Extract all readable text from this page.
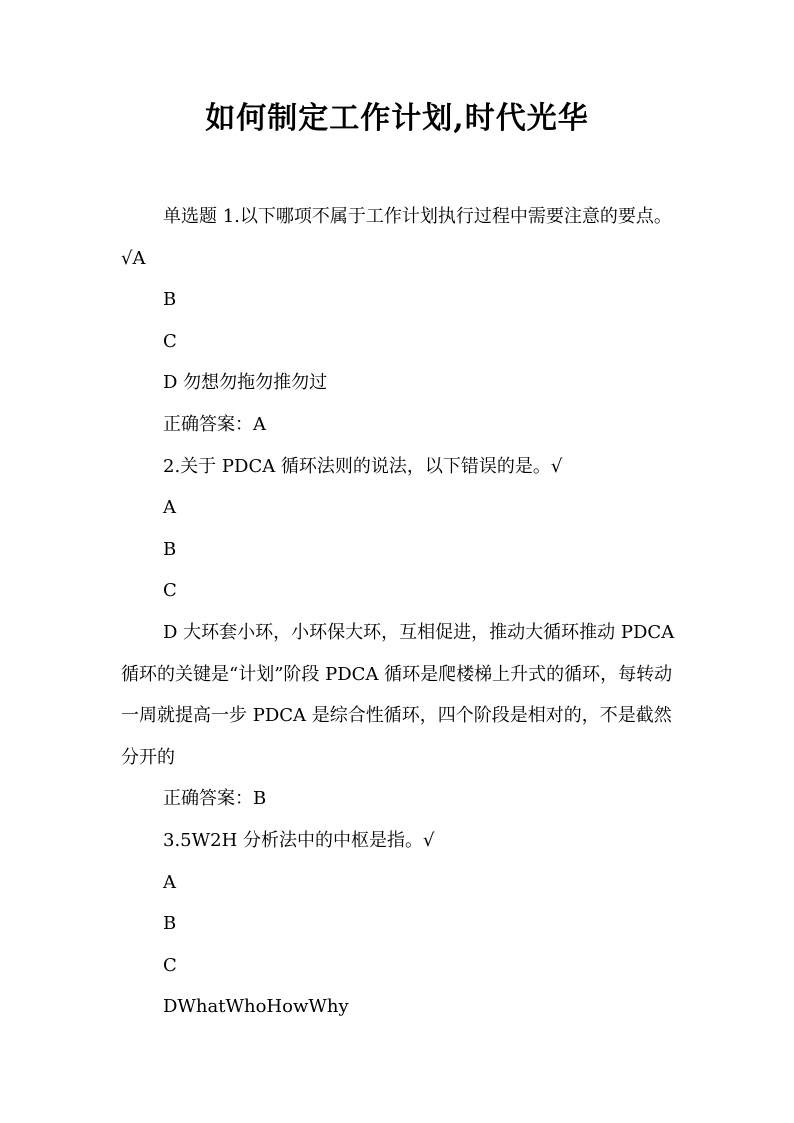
如何制定工作计划,时代光华

单选题 1.以下哪项不属于工作计划执行过程中需要注意的要点。√A

B

C

D 勿想勿拖勿推勿过

正确答案：A

2.关于 PDCA 循环法则的说法，以下错误的是。√

A

B

C

D 大环套小环，小环保大环，互相促进，推动大循环推动 PDCA 循环的关键是“计划”阶段 PDCA 循环是爬楼梯上升式的循环，每转动一周就提高一步 PDCA 是综合性循环，四个阶段是相对的，不是截然分开的

正确答案：B

3.5W2H 分析法中的中枢是指。√

A

B

C

DWhatWhoHowWhy
